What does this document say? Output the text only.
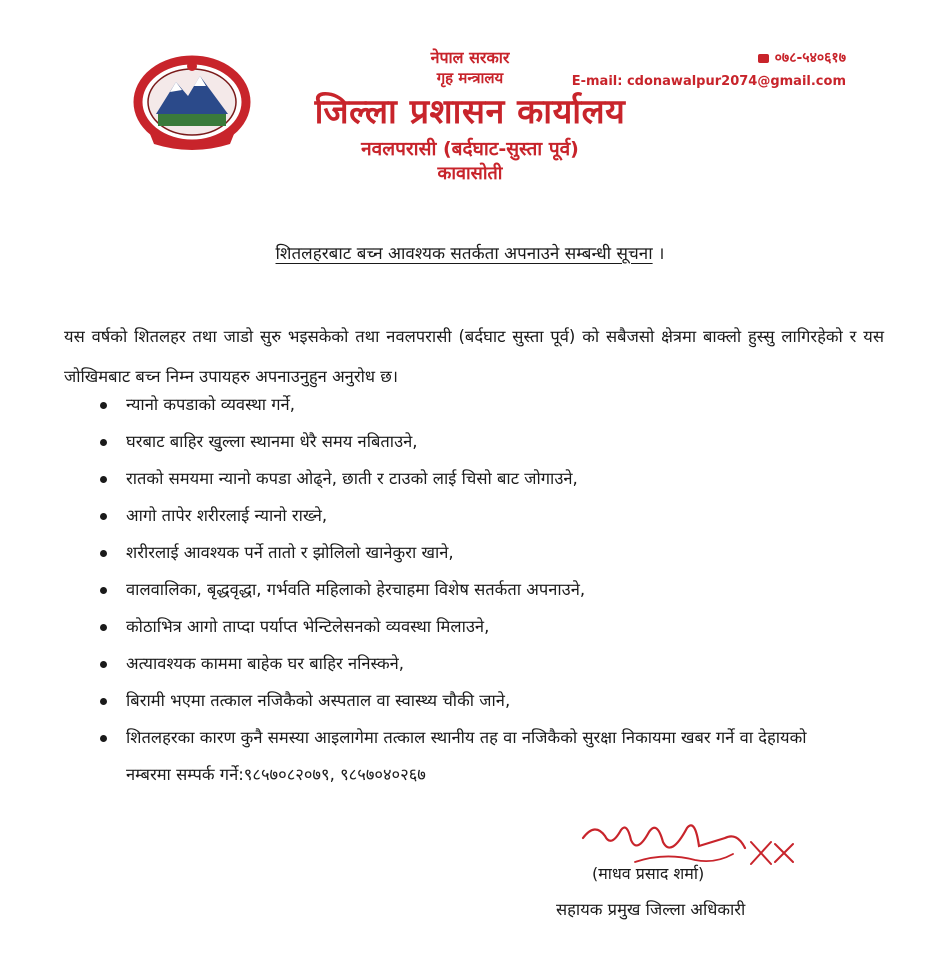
नेपाल सरकार
गृह मन्त्रालय
जिल्ला प्रशासन कार्यालय
नवलपरासी (बर्दघाट-सुस्ता पूर्व)
कावासोती
०७८-५४०६१७
E-mail: cdonawalpur2074@gmail.com
शितलहरबाट बच्न आवश्यक सतर्कता अपनाउने सम्बन्धी सूचना ।

यस वर्षको शितलहर तथा जाडो सुरु भइसकेको तथा नवलपरासी (बर्दघाट सुस्ता पूर्व) को सबैजसो क्षेत्रमा बाक्लो हुस्सु लागिरहेको र यस जोखिमबाट बच्न निम्न उपायहरु अपनाउनुहुन अनुरोध छ।

न्यानो कपडाको व्यवस्था गर्ने,
घरबाट बाहिर खुल्ला स्थानमा धेरै समय नबिताउने,
रातको समयमा न्यानो कपडा ओढ्ने, छाती र टाउको लाई चिसो बाट जोगाउने,
आगो तापेर शरीरलाई न्यानो राख्ने,
शरीरलाई आवश्यक पर्ने तातो र झोलिलो खानेकुरा खाने,
वालवालिका, बृद्धवृद्धा, गर्भवति महिलाको हेरचाहमा विशेष सतर्कता अपनाउने,
कोठाभित्र आगो ताप्दा पर्याप्त भेन्टिलेसनको व्यवस्था मिलाउने,
अत्यावश्यक काममा बाहेक घर बाहिर ननिस्कने,
बिरामी भएमा तत्काल नजिकैको अस्पताल वा स्वास्थ्य चौकी जाने,
शितलहरका कारण कुनै समस्या आइलागेमा तत्काल स्थानीय तह वा नजिकैको सुरक्षा निकायमा खबर गर्ने वा देहायको नम्बरमा सम्पर्क गर्ने:९८५७०८२०७९, ९८५७०४०२६७
(माधव प्रसाद शर्मा)
सहायक प्रमुख जिल्ला अधिकारी
